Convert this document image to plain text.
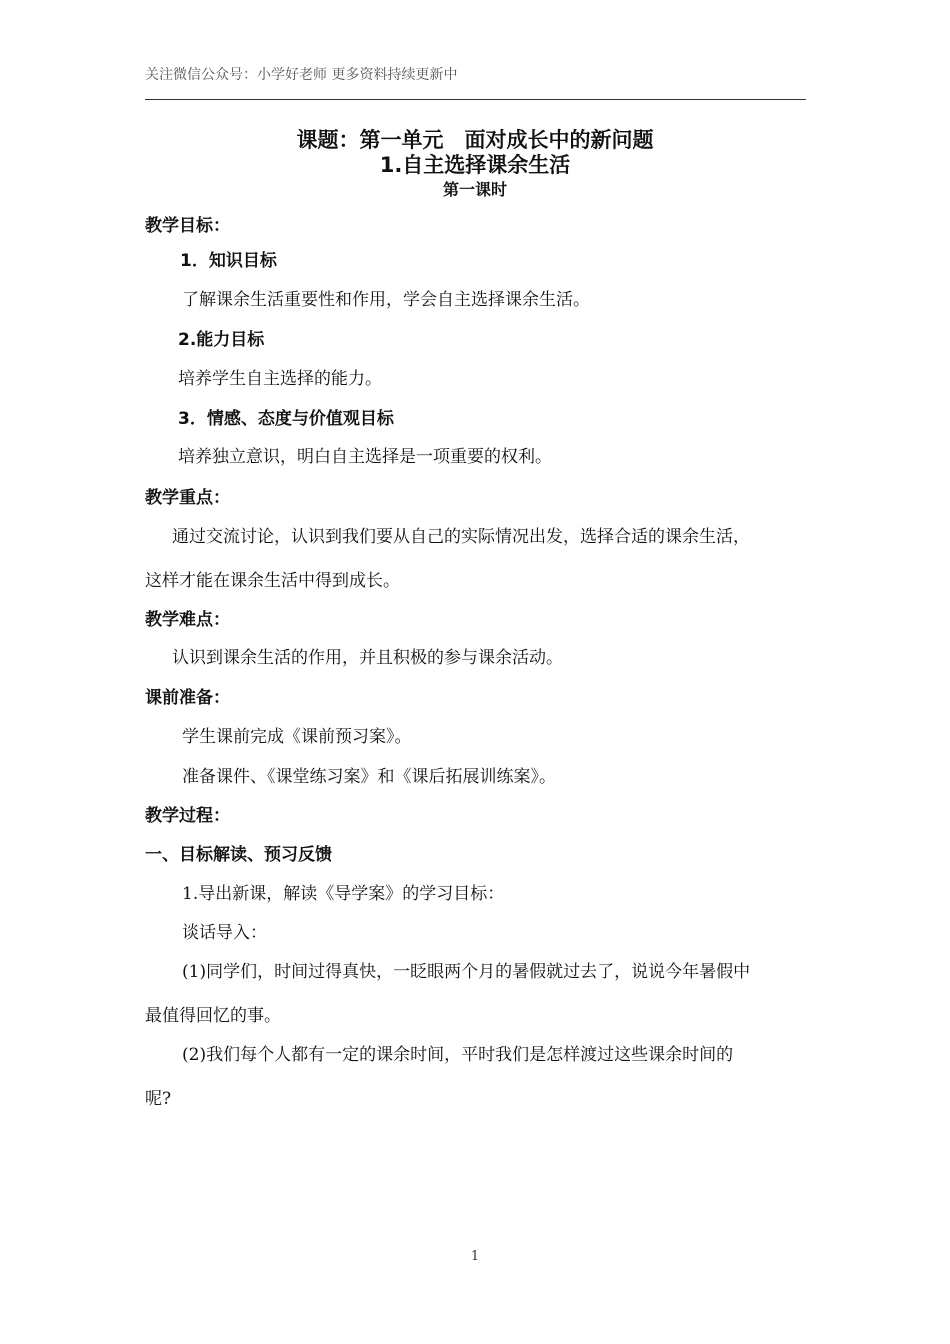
关注微信公众号：小学好老师 更多资料持续更新中
课题：第一单元　面对成长中的新问题
1.自主选择课余生活
第一课时
教学目标：
1．知识目标
了解课余生活重要性和作用，学会自主选择课余生活。
2.能力目标
培养学生自主选择的能力。
3．情感、态度与价值观目标
培养独立意识，明白自主选择是一项重要的权利。
教学重点：
通过交流讨论，认识到我们要从自己的实际情况出发，选择合适的课余生活，
这样才能在课余生活中得到成长。
教学难点：
认识到课余生活的作用，并且积极的参与课余活动。
课前准备：
学生课前完成《课前预习案》。
准备课件、《课堂练习案》和《课后拓展训练案》。
教学过程：
一、目标解读、预习反馈
1.导出新课，解读《导学案》的学习目标：
谈话导入：
(1)同学们，时间过得真快，一眨眼两个月的暑假就过去了，说说今年暑假中
最值得回忆的事。
(2)我们每个人都有一定的课余时间，平时我们是怎样渡过这些课余时间的
呢?
1
